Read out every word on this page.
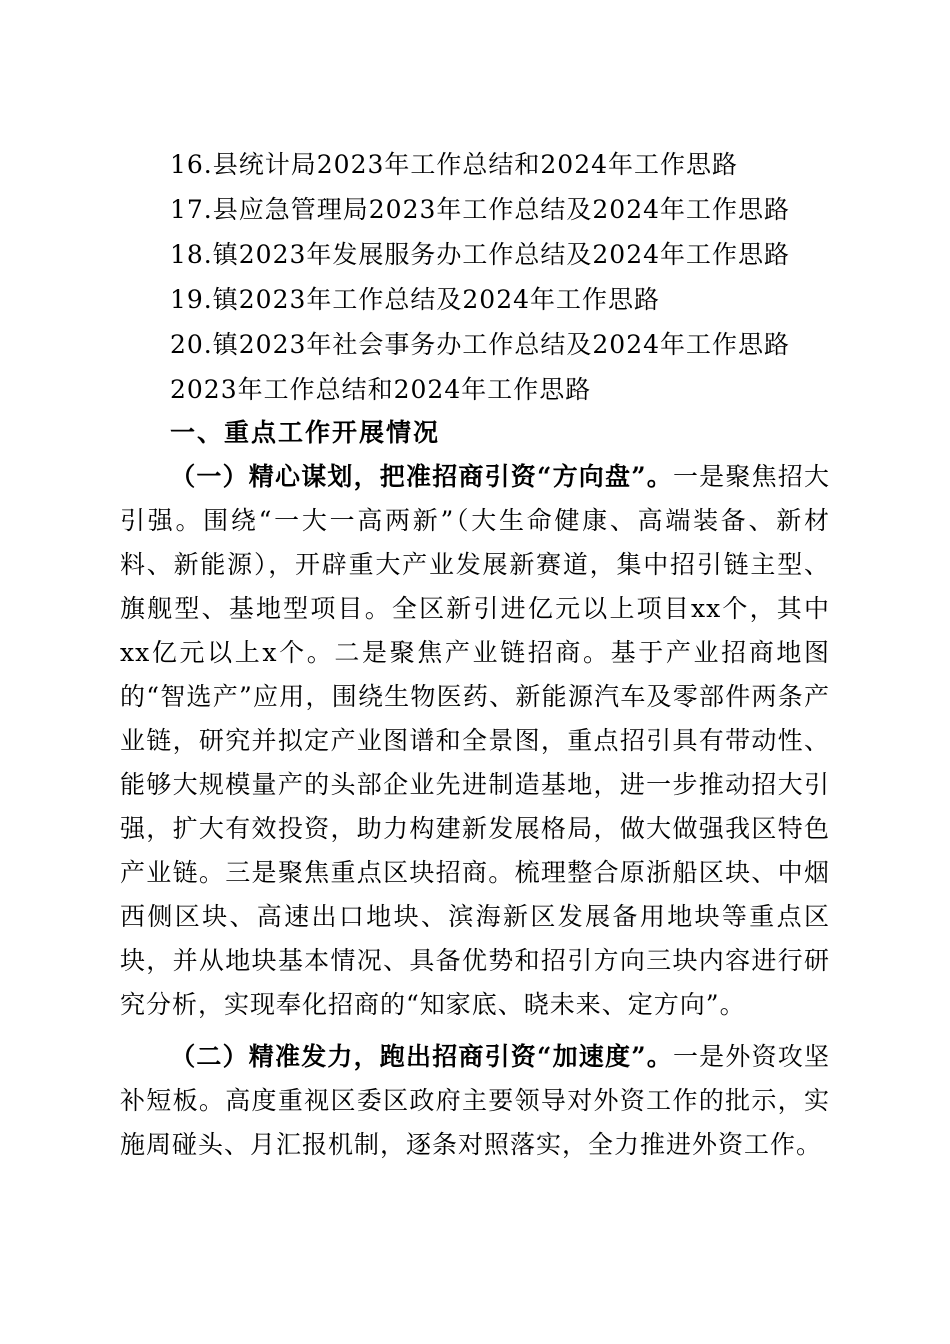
16.县统计局2023年工作总结和2024年工作思路
17.县应急管理局2023年工作总结及2024年工作思路
18.镇2023年发展服务办工作总结及2024年工作思路
19.镇2023年工作总结及2024年工作思路
20.镇2023年社会事务办工作总结及2024年工作思路
2023年工作总结和2024年工作思路
一、重点工作开展情况
（一）精心谋划，把准招商引资“方向盘”。一是聚焦招大引强。围绕“一大一高两新”（大生命健康、高端装备、新材料、新能源），开辟重大产业发展新赛道，集中招引链主型、旗舰型、基地型项目。全区新引进亿元以上项目xx个，其中xx亿元以上x个。二是聚焦产业链招商。基于产业招商地图的“智选产”应用，围绕生物医药、新能源汽车及零部件两条产业链，研究并拟定产业图谱和全景图，重点招引具有带动性、能够大规模量产的头部企业先进制造基地，进一步推动招大引强，扩大有效投资，助力构建新发展格局，做大做强我区特色产业链。三是聚焦重点区块招商。梳理整合原浙船区块、中烟西侧区块、高速出口地块、滨海新区发展备用地块等重点区块，并从地块基本情况、具备优势和招引方向三块内容进行研究分析，实现奉化招商的“知家底、晓未来、定方向”。
（二）精准发力，跑出招商引资“加速度”。一是外资攻坚补短板。高度重视区委区政府主要领导对外资工作的批示，实施周碰头、月汇报机制，逐条对照落实，全力推进外资工作。
